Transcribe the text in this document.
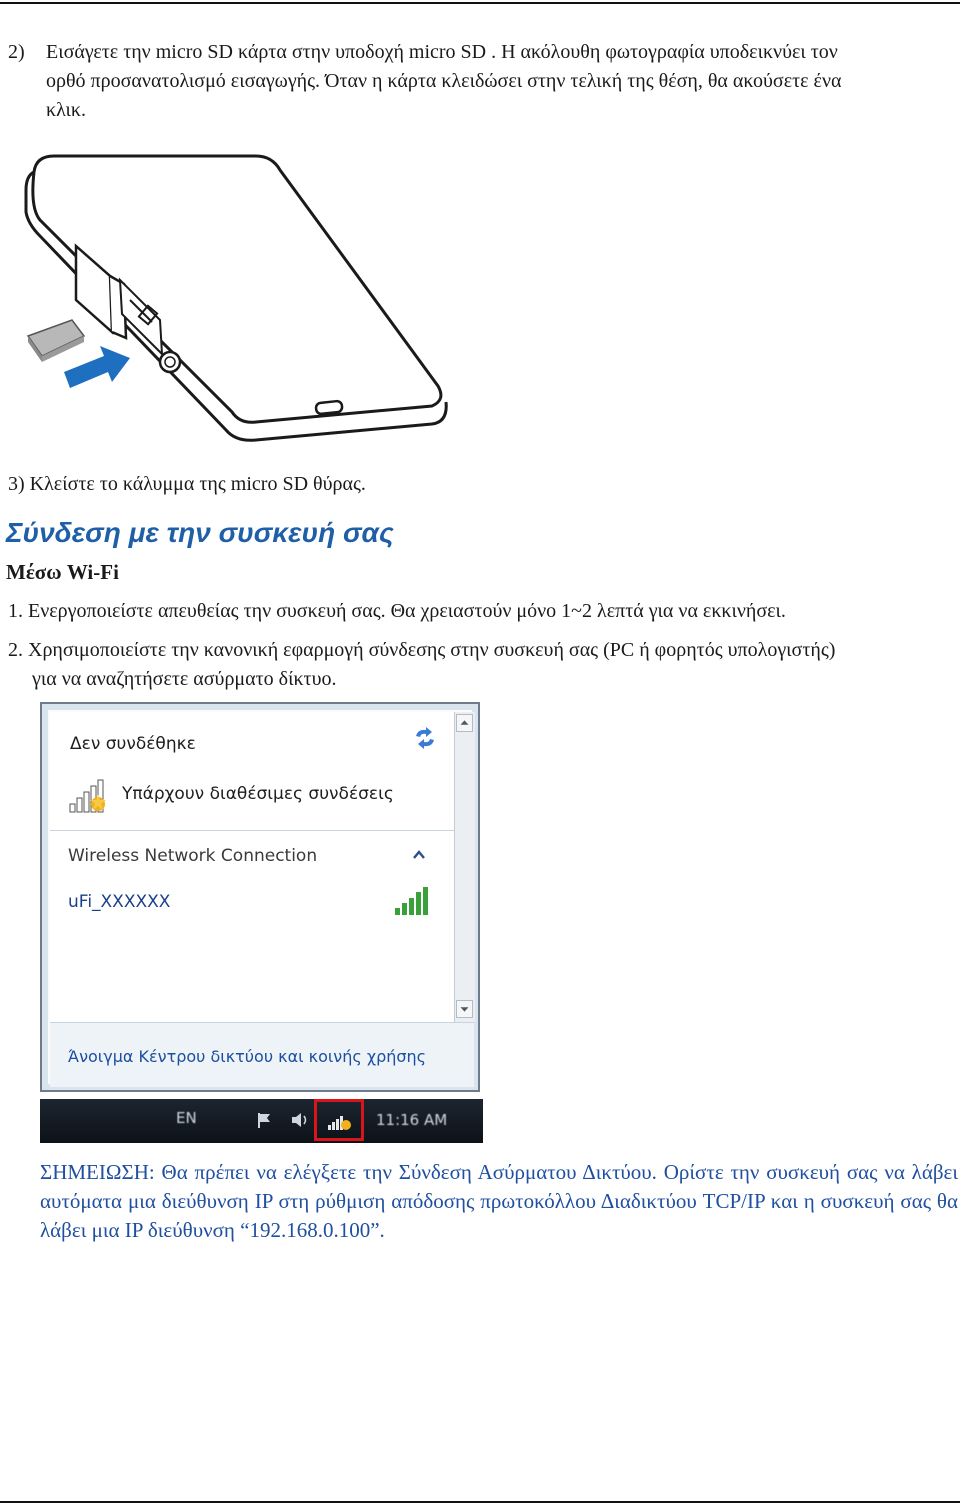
2)	Εισάγετε την micro SD κάρτα στην υποδοχή micro SD . Η ακόλουθη φωτογραφία υποδεικνύει τον
ορθό προσανατολισμό εισαγωγής. Όταν η κάρτα κλειδώσει στην τελική της θέση, θα ακούσετε ένα
κλικ.

3) Κλείστε το κάλυμμα της micro SD θύρας.

Σύνδεση με την συσκευή σας
Μέσω Wi-Fi

1. Ενεργοποιείστε απευθείας την συσκευή σας. Θα χρειαστούν μόνο 1~2 λεπτά για να εκκινήσει.

2. Χρησιμοποιείστε την κανονική εφαρμογή σύνδεσης στην συσκευή σας (PC ή φορητός υπολογιστής)
για να αναζητήσετε ασύρματο δίκτυο.

Δεν συνδέθηκε
Υπάρχουν διαθέσιμες συνδέσεις
Wireless Network Connection
uFi_XXXXXX
Άνοιγμα Κέντρου δικτύου και κοινής χρήσης
EN	11:16 AM

ΣΗΜΕΙΩΣΗ: Θα πρέπει να ελέγξετε την Σύνδεση Ασύρματου Δικτύου. Ορίστε την συσκευή σας να λάβει αυτόματα μια διεύθυνση IP στη ρύθμιση απόδοσης πρωτοκόλλου Διαδικτύου TCP/IP και η συσκευή σας θα λάβει μια IP διεύθυνση “192.168.0.100”.
